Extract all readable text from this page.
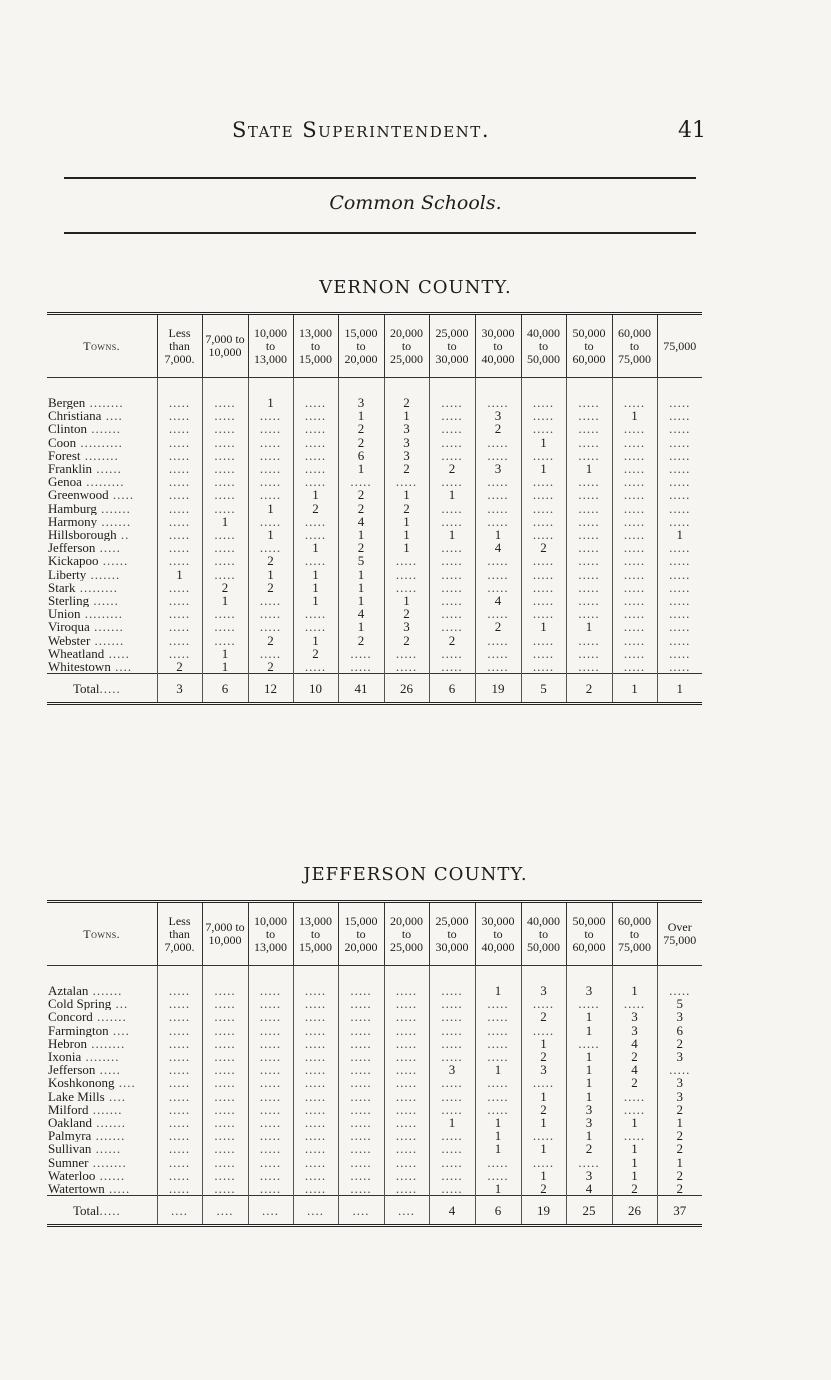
State Superintendent.	41
Common Schools.
VERNON COUNTY.
Towns.	Less than 7,000.	7,000 to 10,000	10,000 to 13,000	13,000 to 15,000	15,000 to 20,000	20,000 to 25,000	25,000 to 30,000	30,000 to 40,000	40,000 to 50,000	50,000 to 60,000	60,000 to 75,000	75,000

Bergen ........	.....	.....	1	.....	3	2	.....	.....	.....	.....	.....	.....
Christiana ....	.....	.....	.....	.....	1	1	.....	3	.....	.....	1	.....
Clinton .......	.....	.....	.....	.....	2	3	.....	2	.....	.....	.....	.....
Coon ..........	.....	.....	.....	.....	2	3	.....	.....	1	.....	.....	.....
Forest ........	.....	.....	.....	.....	6	3	.....	.....	.....	.....	.....	.....
Franklin ......	.....	.....	.....	.....	1	2	2	3	1	1	.....	.....
Genoa .........	.....	.....	.....	.....	.....	.....	.....	.....	.....	.....	.....	.....
Greenwood .....	.....	.....	.....	1	2	1	1	.....	.....	.....	.....	.....
Hamburg .......	.....	.....	1	2	2	2	.....	.....	.....	.....	.....	.....
Harmony .......	.....	1	.....	.....	4	1	.....	.....	.....	.....	.....	.....
Hillsborough ..	.....	.....	1	.....	1	1	1	1	.....	.....	.....	1
Jefferson .....	.....	.....	.....	1	2	1	.....	4	2	.....	.....	.....
Kickapoo ......	.....	.....	2	.....	5	.....	.....	.....	.....	.....	.....	.....
Liberty .......	1	.....	1	1	1	.....	.....	.....	.....	.....	.....	.....
Stark .........	.....	2	2	1	1	.....	.....	.....	.....	.....	.....	.....
Sterling ......	.....	1	.....	1	1	1	.....	4	.....	.....	.....	.....
Union .........	.....	.....	.....	.....	4	2	.....	.....	.....	.....	.....	.....
Viroqua .......	.....	.....	.....	.....	1	3	.....	2	1	1	.....	.....
Webster .......	.....	.....	2	1	2	2	2	.....	.....	.....	.....	.....
Wheatland .....	.....	1	.....	2	.....	.....	.....	.....	.....	.....	.....	.....
Whitestown ....	2	1	2	.....	.....	.....	.....	.....	.....	.....	.....	.....
Total.....	3	6	12	10	41	26	6	19	5	2	1	1
JEFFERSON COUNTY.
Towns.	Less than 7,000.	7,000 to 10,000	10,000 to 13,000	13,000 to 15,000	15,000 to 20,000	20,000 to 25,000	25,000 to 30,000	30,000 to 40,000	40,000 to 50,000	50,000 to 60,000	60,000 to 75,000	Over 75,000

Aztalan .......	.....	.....	.....	.....	.....	.....	.....	1	3	3	1	.....
Cold Spring ...	.....	.....	.....	.....	.....	.....	.....	.....	.....	.....	.....	5
Concord .......	.....	.....	.....	.....	.....	.....	.....	.....	2	1	3	3
Farmington ....	.....	.....	.....	.....	.....	.....	.....	.....	.....	1	3	6
Hebron ........	.....	.....	.....	.....	.....	.....	.....	.....	1	.....	4	2
Ixonia ........	.....	.....	.....	.....	.....	.....	.....	.....	2	1	2	3
Jefferson .....	.....	.....	.....	.....	.....	.....	3	1	3	1	4	.....
Koshkonong ....	.....	.....	.....	.....	.....	.....	.....	.....	.....	1	2	3
Lake Mills ....	.....	.....	.....	.....	.....	.....	.....	.....	1	1	.....	3
Milford .......	.....	.....	.....	.....	.....	.....	.....	.....	2	3	.....	2
Oakland .......	.....	.....	.....	.....	.....	.....	1	1	1	3	1	1
Palmyra .......	.....	.....	.....	.....	.....	.....	.....	1	.....	1	.....	2
Sullivan ......	.....	.....	.....	.....	.....	.....	.....	1	1	2	1	2
Sumner ........	.....	.....	.....	.....	.....	.....	.....	.....	.....	.....	1	1
Waterloo ......	.....	.....	.....	.....	.....	.....	.....	.....	1	3	1	2
Watertown .....	.....	.....	.....	.....	.....	.....	.....	1	2	4	2	2
Total.....	....	....	....	....	....	....	4	6	19	25	26	37
